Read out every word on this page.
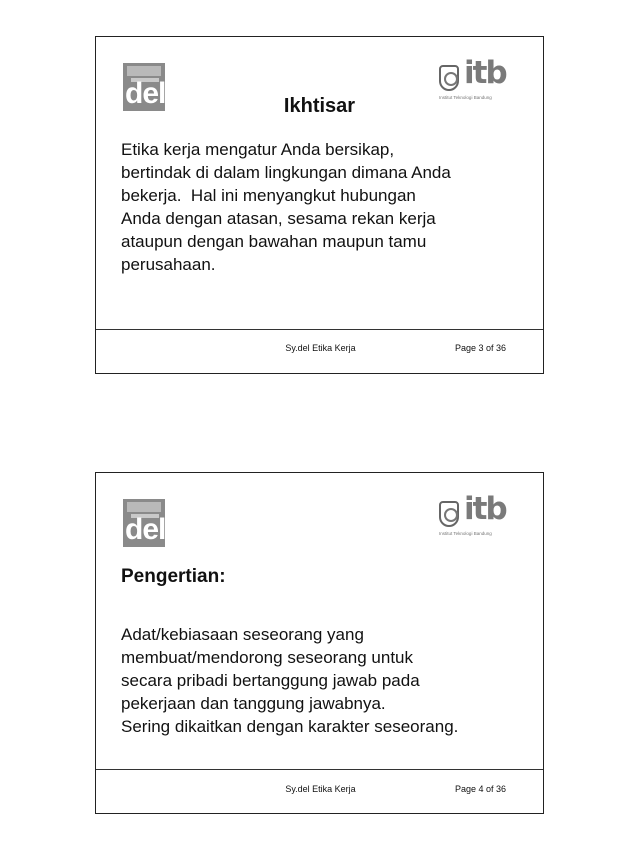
del
itb
Institut Teknologi Bandung
Ikhtisar
Etika kerja mengatur Anda bersikap,
bertindak di dalam lingkungan dimana Anda
bekerja.  Hal ini menyangkut hubungan
Anda dengan atasan, sesama rekan kerja
ataupun dengan bawahan maupun tamu
perusahaan.
Sy.del Etika Kerja	Page 3 of 36
del
itb
Institut Teknologi Bandung
Pengertian:
Adat/kebiasaan seseorang yang
membuat/mendorong seseorang untuk
secara pribadi bertanggung jawab pada
pekerjaan dan tanggung jawabnya.
Sering dikaitkan dengan karakter seseorang.
Sy.del Etika Kerja	Page 4 of 36
